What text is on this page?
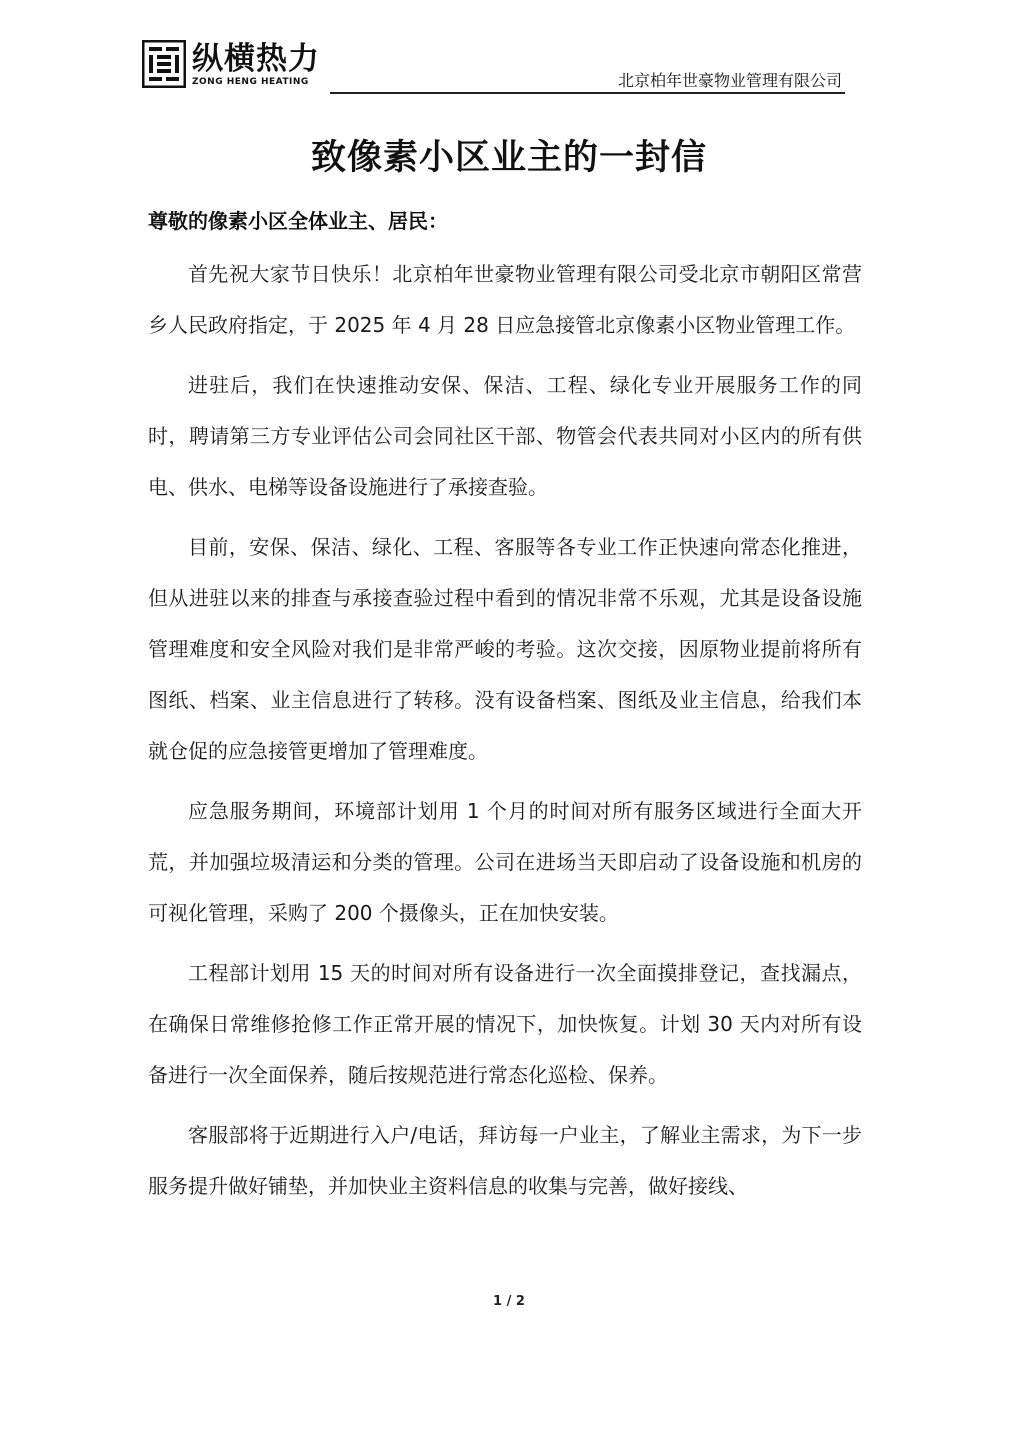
纵横热力
ZONG HENG HEATING	北京柏年世豪物业管理有限公司
致像素小区业主的一封信
尊敬的像素小区全体业主、居民：

首先祝大家节日快乐！北京柏年世豪物业管理有限公司受北京市朝阳区常营乡人民政府指定，于 2025 年 4 月 28 日应急接管北京像素小区物业管理工作。

进驻后，我们在快速推动安保、保洁、工程、绿化专业开展服务工作的同时，聘请第三方专业评估公司会同社区干部、物管会代表共同对小区内的所有供电、供水、电梯等设备设施进行了承接查验。

目前，安保、保洁、绿化、工程、客服等各专业工作正快速向常态化推进，但从进驻以来的排查与承接查验过程中看到的情况非常不乐观，尤其是设备设施管理难度和安全风险对我们是非常严峻的考验。这次交接，因原物业提前将所有图纸、档案、业主信息进行了转移。没有设备档案、图纸及业主信息，给我们本就仓促的应急接管更增加了管理难度。

应急服务期间，环境部计划用 1 个月的时间对所有服务区域进行全面大开荒，并加强垃圾清运和分类的管理。公司在进场当天即启动了设备设施和机房的可视化管理，采购了 200 个摄像头，正在加快安装。

工程部计划用 15 天的时间对所有设备进行一次全面摸排登记，查找漏点，在确保日常维修抢修工作正常开展的情况下，加快恢复。计划 30 天内对所有设备进行一次全面保养，随后按规范进行常态化巡检、保养。

客服部将于近期进行入户/电话，拜访每一户业主，了解业主需求，为下一步服务提升做好铺垫，并加快业主资料信息的收集与完善，做好接线、

1 / 2
